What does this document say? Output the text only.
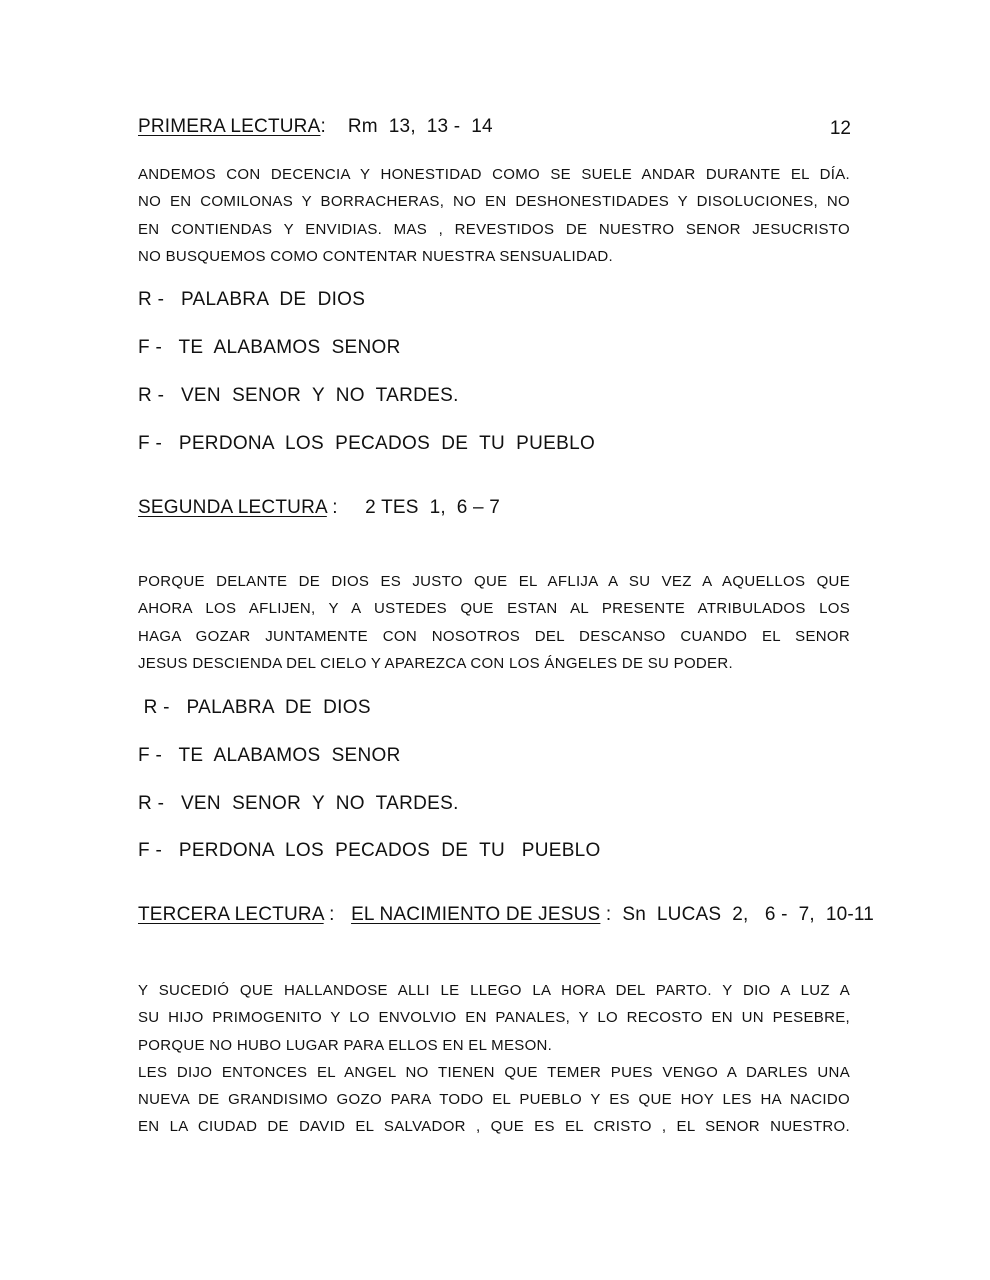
PRIMERA LECTURA:    Rm  13,  13 -  14	12
ANDEMOS CON DECENCIA Y HONESTIDAD COMO SE SUELE ANDAR DURANTE EL DÍA.
NO EN COMILONAS Y BORRACHERAS, NO EN DESHONESTIDADES Y DISOLUCIONES, NO
EN CONTIENDAS Y ENVIDIAS. MAS , REVESTIDOS DE NUESTRO SENOR JESUCRISTO
NO BUSQUEMOS COMO CONTENTAR NUESTRA SENSUALIDAD.
R -   PALABRA  DE  DIOS
F -   TE  ALABAMOS  SENOR
R -   VEN  SENOR  Y  NO  TARDES.
F -   PERDONA  LOS  PECADOS  DE  TU  PUEBLO
SEGUNDA LECTURA :     2 TES  1,  6 – 7
PORQUE DELANTE DE DIOS ES JUSTO QUE EL AFLIJA A SU VEZ A AQUELLOS QUE
AHORA LOS AFLIJEN, Y A USTEDES QUE ESTAN AL PRESENTE ATRIBULADOS LOS
HAGA GOZAR JUNTAMENTE CON NOSOTROS DEL DESCANSO CUANDO EL SENOR
JESUS DESCIENDA DEL CIELO Y APAREZCA CON LOS ÁNGELES DE SU PODER.
R -   PALABRA  DE  DIOS
F -   TE  ALABAMOS  SENOR
R -   VEN  SENOR  Y  NO  TARDES.
F -   PERDONA  LOS  PECADOS  DE  TU   PUEBLO
TERCERA LECTURA :   EL NACIMIENTO DE JESUS :  Sn  LUCAS  2,   6 -  7,  10-11
Y SUCEDIÓ QUE HALLANDOSE ALLI LE LLEGO LA HORA DEL PARTO. Y DIO A LUZ A
SU HIJO PRIMOGENITO Y LO ENVOLVIO EN PANALES, Y LO RECOSTO EN UN PESEBRE,
PORQUE NO HUBO LUGAR PARA ELLOS EN EL MESON.
LES DIJO ENTONCES EL ANGEL NO TIENEN QUE TEMER PUES VENGO A DARLES UNA
NUEVA DE GRANDISIMO GOZO PARA TODO EL PUEBLO Y ES QUE HOY LES HA NACIDO
EN LA CIUDAD DE DAVID EL SALVADOR , QUE ES EL CRISTO , EL SENOR NUESTRO.
